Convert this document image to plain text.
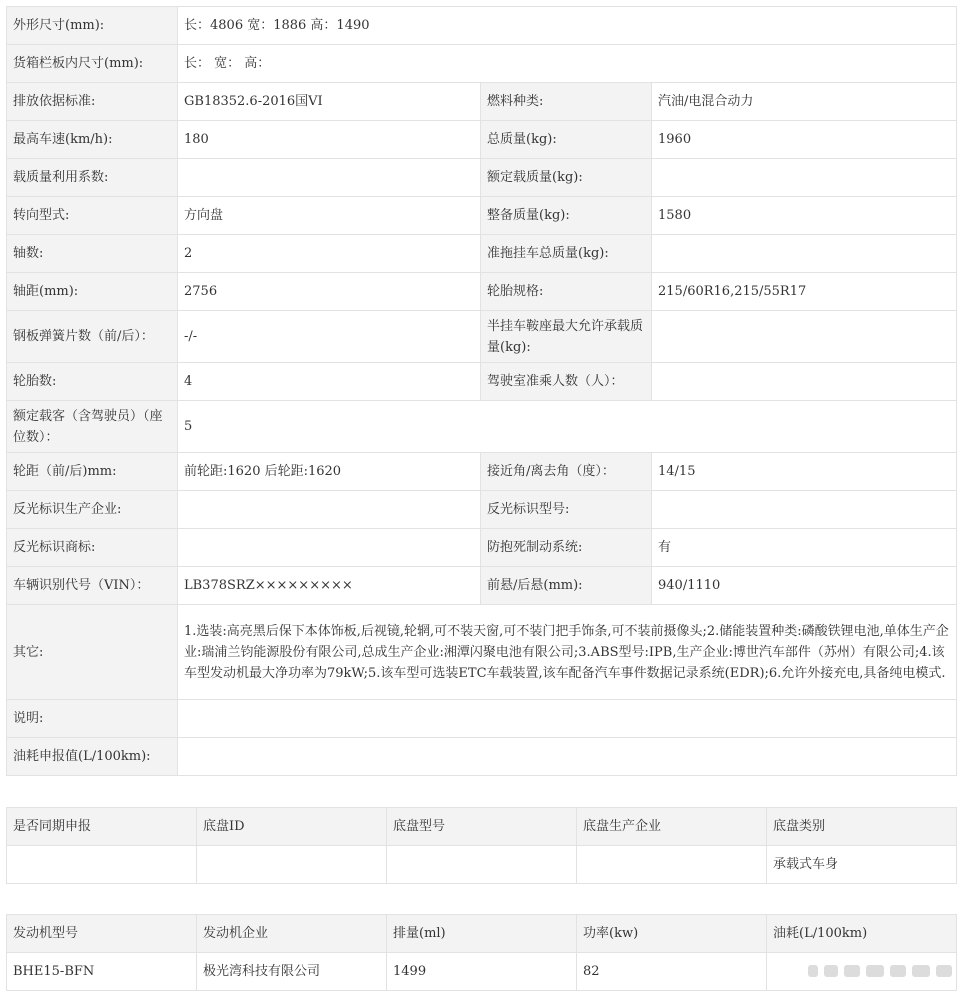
外形尺寸(mm):	长：4806 宽：1886 高：1490		
货箱栏板内尺寸(mm):	长： 宽： 高：		
排放依据标准:	GB18352.6-2016国VI	燃料种类:	汽油/电混合动力
最高车速(km/h):	180	总质量(kg):	1960
载质量利用系数:		额定载质量(kg):	
转向型式:	方向盘	整备质量(kg):	1580
轴数:	2	准拖挂车总质量(kg):	
轴距(mm):	2756	轮胎规格:	215/60R16,215/55R17
钢板弹簧片数（前/后）：	-/-	半挂车鞍座最大允许承载质量(kg):	
轮胎数:	4	驾驶室准乘人数（人）：	
额定载客（含驾驶员）（座位数）：	5		
轮距（前/后)mm:	前轮距:1620 后轮距:1620	接近角/离去角（度）：	14/15
反光标识生产企业:		反光标识型号:	
反光标识商标:		防抱死制动系统:	有
车辆识别代号（VIN）：	LB378SRZ×××××××××	前悬/后悬(mm):	940/1110
其它:	1.选装:高亮黑后保下本体饰板,后视镜,轮辋,可不装天窗,可不装门把手饰条,可不装前摄像头;2.储能装置种类:磷酸铁锂电池,单体生产企业:瑞浦兰钧能源股份有限公司,总成生产企业:湘潭闪聚电池有限公司;3.ABS型号:IPB,生产企业:博世汽车部件（苏州）有限公司;4.该车型发动机最大净功率为79kW;5.该车型可选装ETC车载装置,该车配备汽车事件数据记录系统(EDR);6.允许外接充电,具备纯电模式.		
说明:			
油耗申报值(L/100km):			
是否同期申报	底盘ID	底盘型号	底盘生产企业	底盘类别
				承载式车身
发动机型号	发动机企业	排量(ml)	功率(kw)	油耗(L/100km)
BHE15-BFN	极光湾科技有限公司	1499	82	
